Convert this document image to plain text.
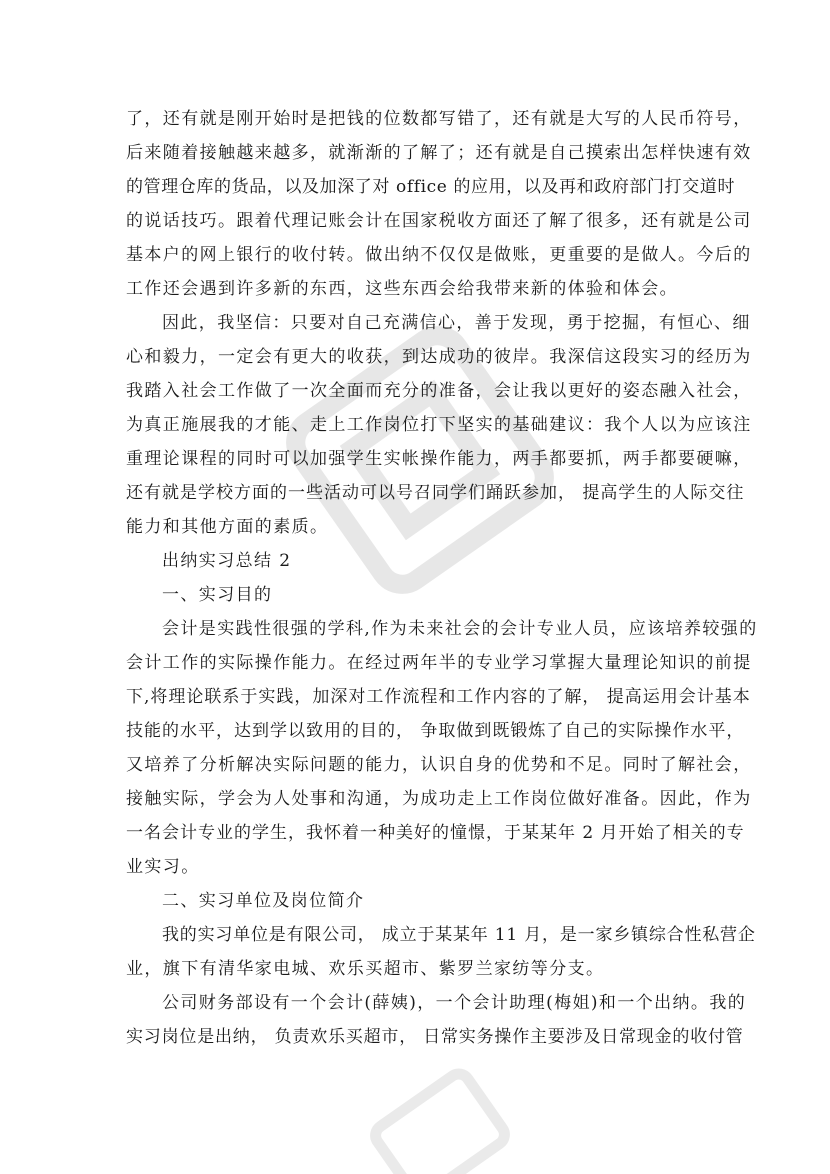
了，还有就是刚开始时是把钱的位数都写错了，还有就是大写的人民币符号，
后来随着接触越来越多，就渐渐的了解了；还有就是自己摸索出怎样快速有效
的管理仓库的货品，以及加深了对 office 的应用，以及再和政府部门打交道时
的说话技巧。跟着代理记账会计在国家税收方面还了解了很多，还有就是公司
基本户的网上银行的收付转。做出纳不仅仅是做账，更重要的是做人。今后的
工作还会遇到许多新的东西，这些东西会给我带来新的体验和体会。
因此，我坚信：只要对自己充满信心，善于发现，勇于挖掘，有恒心、细
心和毅力，一定会有更大的收获，到达成功的彼岸。我深信这段实习的经历为
我踏入社会工作做了一次全面而充分的准备，会让我以更好的姿态融入社会，
为真正施展我的才能、走上工作岗位打下坚实的基础建议：我个人以为应该注
重理论课程的同时可以加强学生实帐操作能力，两手都要抓，两手都要硬嘛，
还有就是学校方面的一些活动可以号召同学们踊跃参加， 提高学生的人际交往
能力和其他方面的素质。
出纳实习总结 2
一、实习目的
会计是实践性很强的学科,作为未来社会的会计专业人员，应该培养较强的
会计工作的实际操作能力。在经过两年半的专业学习掌握大量理论知识的前提
下,将理论联系于实践，加深对工作流程和工作内容的了解， 提高运用会计基本
技能的水平，达到学以致用的目的， 争取做到既锻炼了自己的实际操作水平，
又培养了分析解决实际问题的能力，认识自身的优势和不足。同时了解社会，
接触实际，学会为人处事和沟通，为成功走上工作岗位做好准备。因此，作为
一名会计专业的学生，我怀着一种美好的憧憬，于某某年 2 月开始了相关的专
业实习。
二、实习单位及岗位简介
我的实习单位是有限公司， 成立于某某年 11 月，是一家乡镇综合性私营企
业，旗下有清华家电城、欢乐买超市、紫罗兰家纺等分支。
公司财务部设有一个会计(薛姨)，一个会计助理(梅姐)和一个出纳。我的
实习岗位是出纳， 负责欢乐买超市， 日常实务操作主要涉及日常现金的收付管
